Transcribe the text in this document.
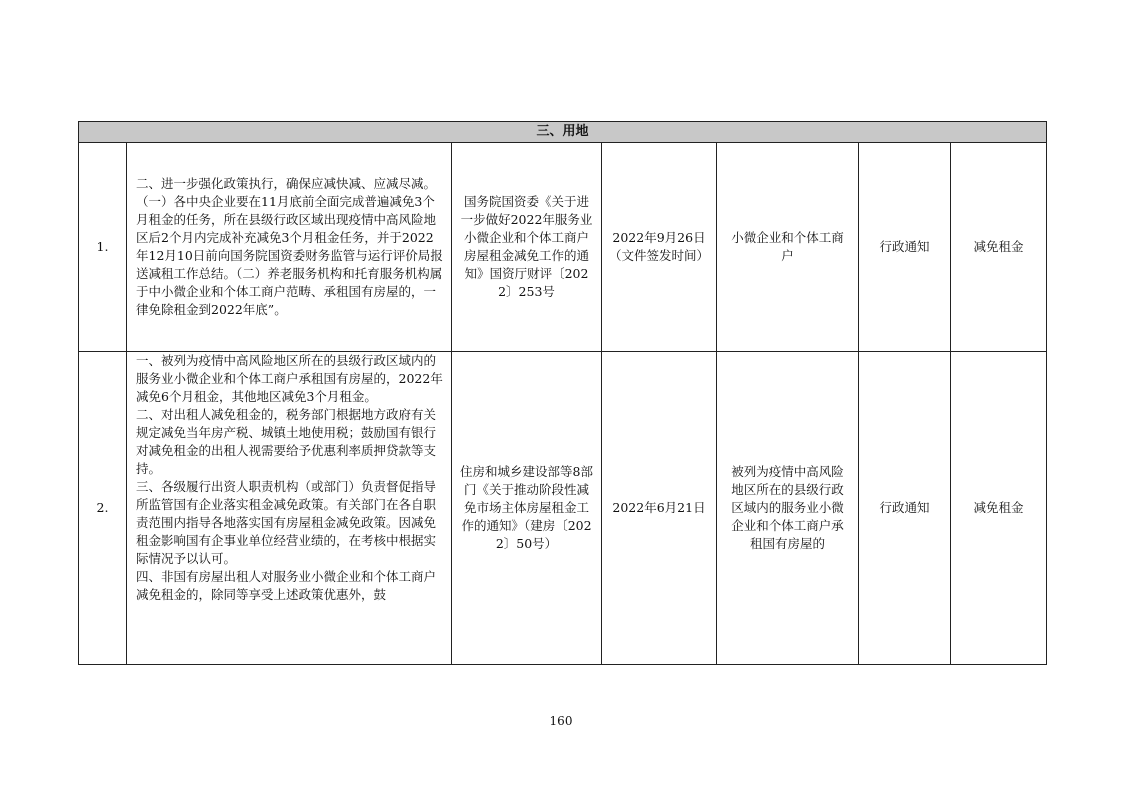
三、用地						
1.	二、进一步强化政策执行，确保应减快减、应减尽减。（一）各中央企业要在11月底前全面完成普遍减免3个月租金的任务，所在县级行政区域出现疫情中高风险地区后2个月内完成补充减免3个月租金任务，并于2022年12月10日前向国务院国资委财务监管与运行评价局报送减租工作总结。（二）养老服务机构和托育服务机构属于中小微企业和个体工商户范畴、承租国有房屋的，一律免除租金到2022年底”。	国务院国资委《关于进一步做好2022年服务业小微企业和个体工商户房屋租金减免工作的通知》国资厅财评〔2022〕253号	2022年9月26日（文件签发时间）	小微企业和个体工商户	行政通知	减免租金
2.	一、被列为疫情中高风险地区所在的县级行政区域内的服务业小微企业和个体工商户承租国有房屋的，2022年减免6个月租金，其他地区减免3个月租金。
二、对出租人减免租金的，税务部门根据地方政府有关规定减免当年房产税、城镇土地使用税；鼓励国有银行对减免租金的出租人视需要给予优惠利率质押贷款等支持。
三、各级履行出资人职责机构（或部门）负责督促指导所监管国有企业落实租金减免政策。有关部门在各自职责范围内指导各地落实国有房屋租金减免政策。因减免租金影响国有企事业单位经营业绩的，在考核中根据实际情况予以认可。
四、非国有房屋出租人对服务业小微企业和个体工商户减免租金的，除同等享受上述政策优惠外，鼓	住房和城乡建设部等8部门《关于推动阶段性减免市场主体房屋租金工作的通知》（建房〔2022〕50号）	2022年6月21日	被列为疫情中高风险地区所在的县级行政区域内的服务业小微企业和个体工商户承租国有房屋的	行政通知	减免租金
160
